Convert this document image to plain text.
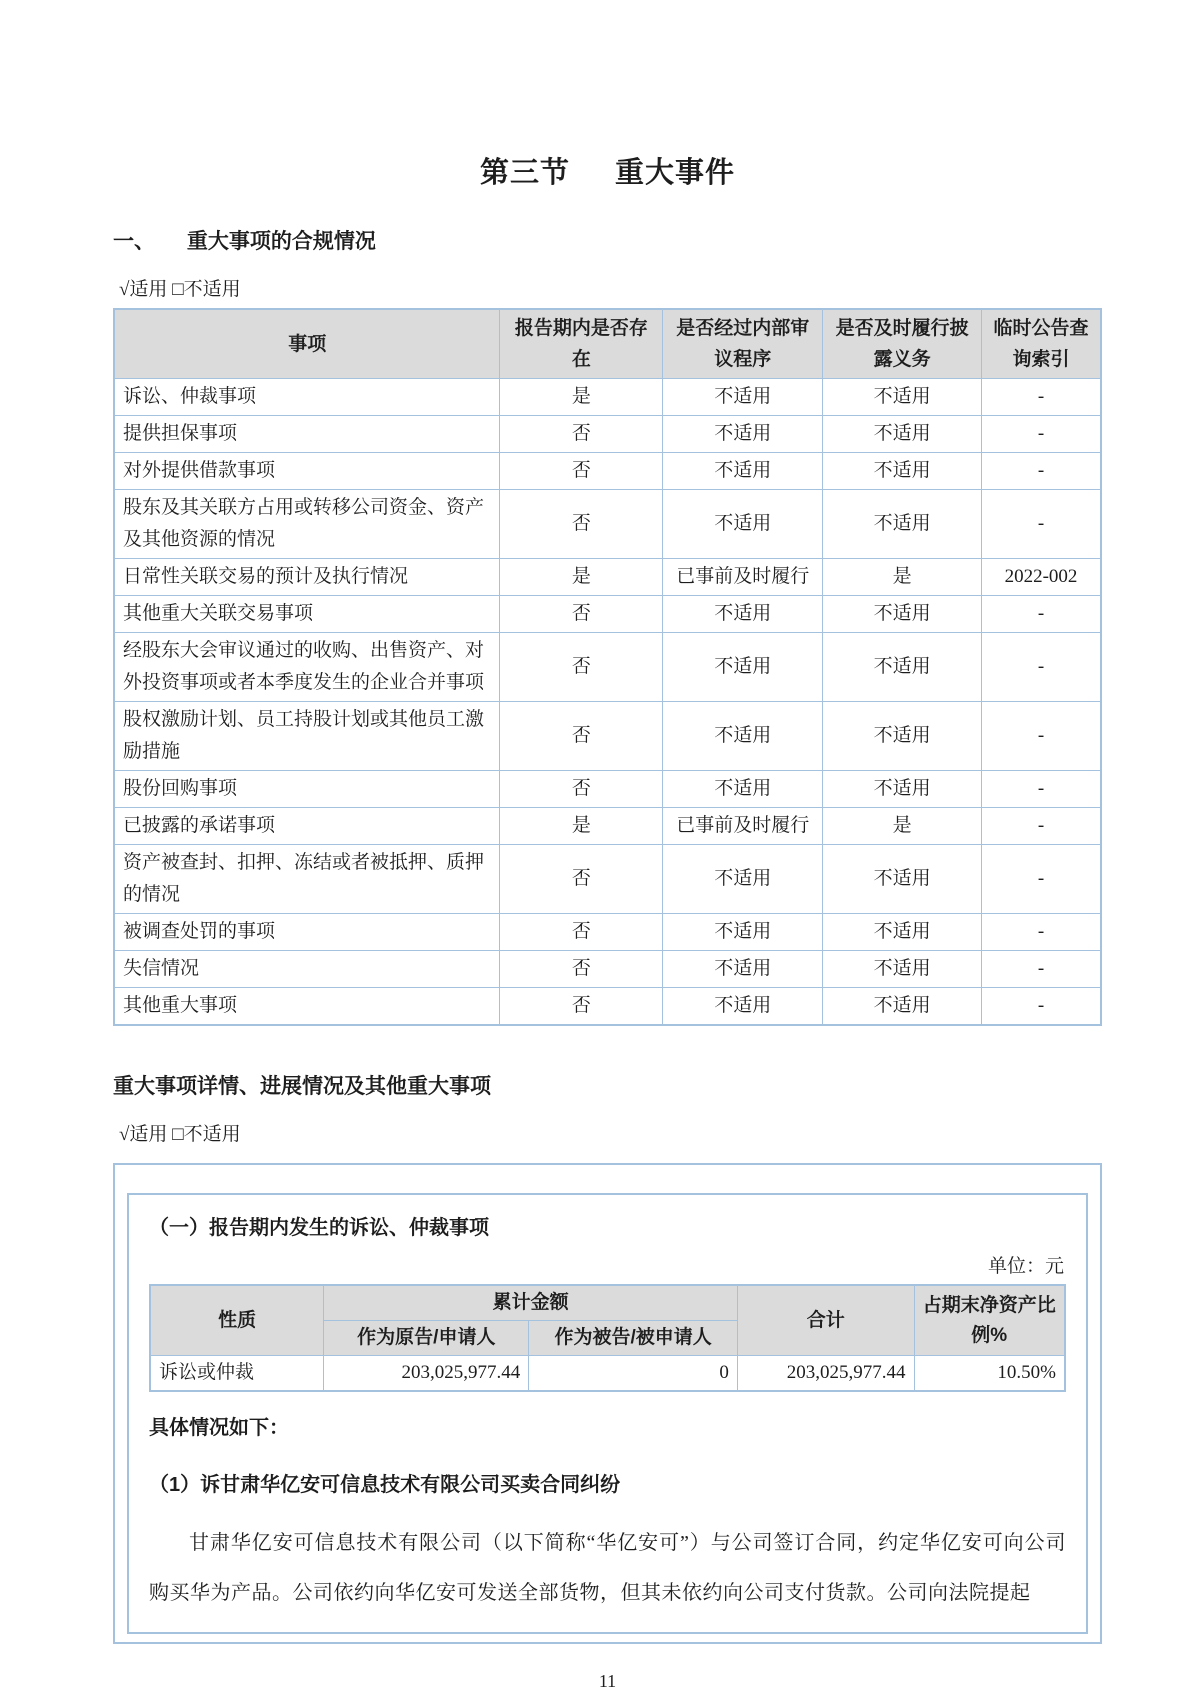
第三节 重大事件
一、 重大事项的合规情况
√适用 □不适用
事项	报告期内是否存在	是否经过内部审议程序	是否及时履行披露义务	临时公告查询索引
诉讼、仲裁事项	是	不适用	不适用	-
提供担保事项	否	不适用	不适用	-
对外提供借款事项	否	不适用	不适用	-
股东及其关联方占用或转移公司资金、资产及其他资源的情况	否	不适用	不适用	-
日常性关联交易的预计及执行情况	是	已事前及时履行	是	2022-002
其他重大关联交易事项	否	不适用	不适用	-
经股东大会审议通过的收购、出售资产、对外投资事项或者本季度发生的企业合并事项	否	不适用	不适用	-
股权激励计划、员工持股计划或其他员工激励措施	否	不适用	不适用	-
股份回购事项	否	不适用	不适用	-
已披露的承诺事项	是	已事前及时履行	是	-
资产被查封、扣押、冻结或者被抵押、质押的情况	否	不适用	不适用	-
被调查处罚的事项	否	不适用	不适用	-
失信情况	否	不适用	不适用	-
其他重大事项	否	不适用	不适用	-
重大事项详情、进展情况及其他重大事项
√适用 □不适用
（一）报告期内发生的诉讼、仲裁事项
单位：元
性质	累计金额		合计	占期末净资产比例%
	作为原告/申请人	作为被告/被申请人		
诉讼或仲裁	203,025,977.44	0	203,025,977.44	10.50%
具体情况如下：
（1）诉甘肃华亿安可信息技术有限公司买卖合同纠纷
甘肃华亿安可信息技术有限公司（以下简称“华亿安可”）与公司签订合同，约定华亿安可向公司购买华为产品。公司依约向华亿安可发送全部货物，但其未依约向公司支付货款。公司向法院提起
11
